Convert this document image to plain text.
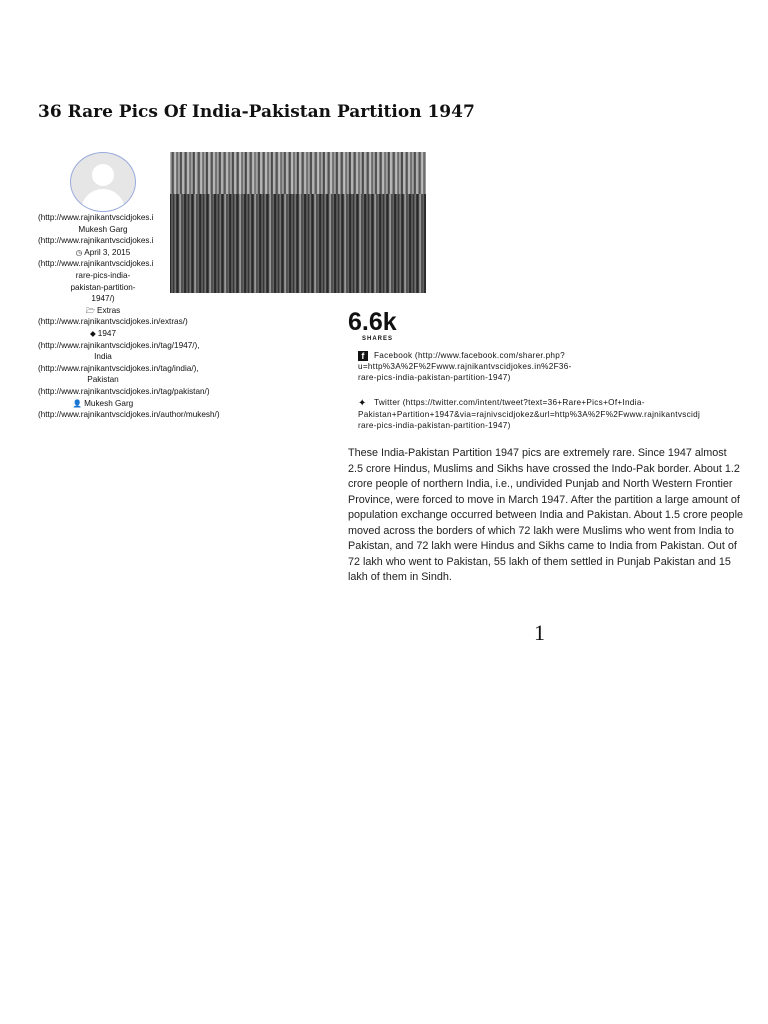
36 Rare Pics Of India-Pakistan Partition 1947
(http://www.rajnikantvscidjokes.i
Mukesh Garg
(http://www.rajnikantvscidjokes.i
◷ April 3, 2015
(http://www.rajnikantvscidjokes.i
rare-pics-india-
pakistan-partition-
1947/)
🗁 Extras
(http://www.rajnikantvscidjokes.in/extras/)
◆ 1947
(http://www.rajnikantvscidjokes.in/tag/1947/),
India
(http://www.rajnikantvscidjokes.in/tag/india/),
Pakistan
(http://www.rajnikantvscidjokes.in/tag/pakistan/)
👤 Mukesh Garg
(http://www.rajnikantvscidjokes.in/author/mukesh/)
6.6k
SHARES
f Facebook (http://www.facebook.com/sharer.php?
u=http%3A%2F%2Fwww.rajnikantvscidjokes.in%2F36-
rare-pics-india-pakistan-partition-1947)
✦ Twitter (https://twitter.com/intent/tweet?text=36+Rare+Pics+Of+India-
Pakistan+Partition+1947&via=rajnivscidjokez&url=http%3A%2F%2Fwww.rajnikantvscidj
rare-pics-india-pakistan-partition-1947)

These India-Pakistan Partition 1947 pics are extremely rare. Since 1947 almost 2.5 crore Hindus, Muslims and Sikhs have crossed the Indo-Pak border. About 1.2 crore people of northern India, i.e., undivided Punjab and North Western Frontier Province, were forced to move in March 1947. After the partition a large amount of population exchange occurred between India and Pakistan. About 1.5 crore people moved across the borders of which 72 lakh were Muslims who went from India to Pakistan, and 72 lakh were Hindus and Sikhs came to India from Pakistan. Out of 72 lakh who went to Pakistan, 55 lakh of them settled in Punjab Pakistan and 15 lakh of them in Sindh.

1
